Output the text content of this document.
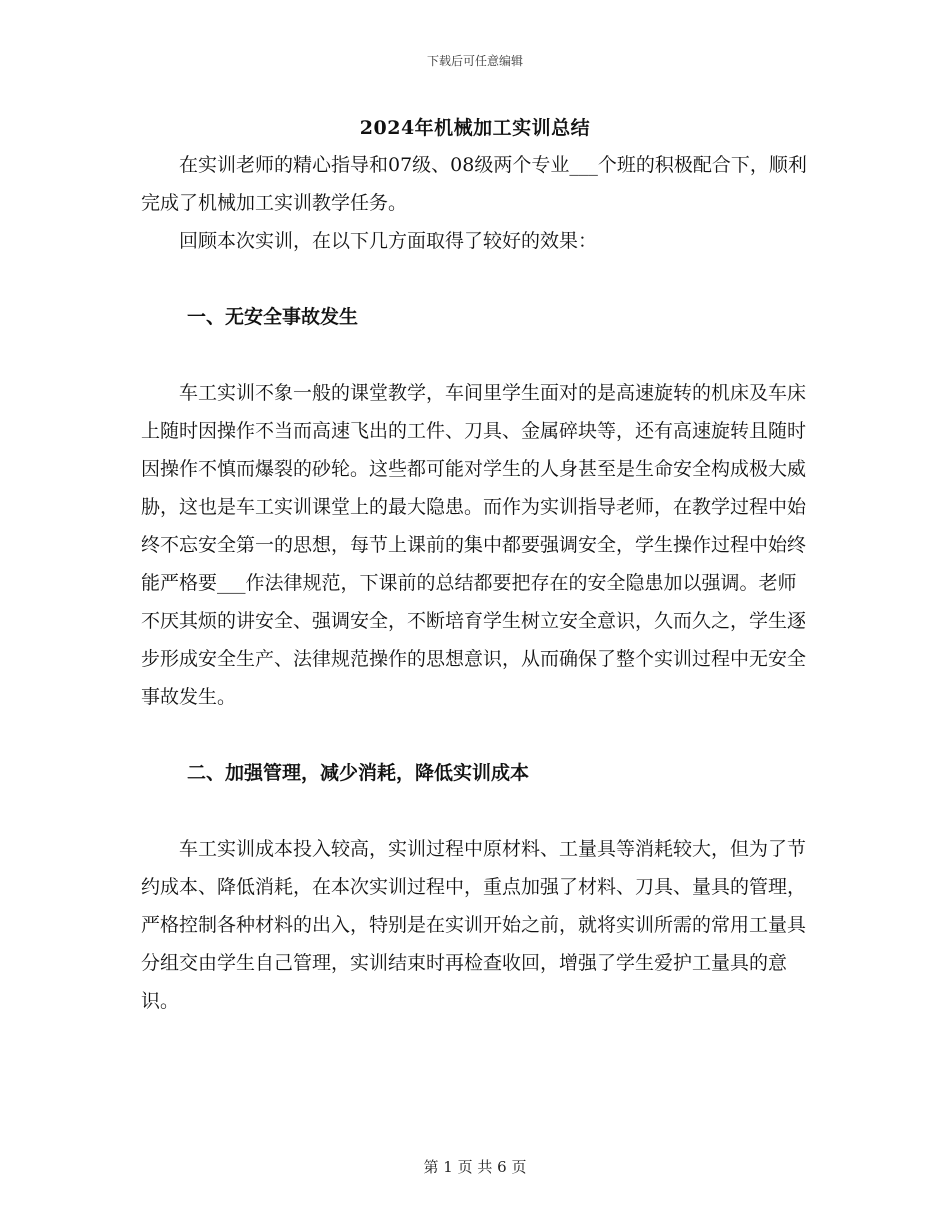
下载后可任意编辑
2024年机械加工实训总结

在实训老师的精心指导和07级、08级两个专业___个班的积极配合下，顺利完成了机械加工实训教学任务。

回顾本次实训，在以下几方面取得了较好的效果：

一、无安全事故发生

车工实训不象一般的课堂教学，车间里学生面对的是高速旋转的机床及车床上随时因操作不当而高速飞出的工件、刀具、金属碎块等，还有高速旋转且随时因操作不慎而爆裂的砂轮。这些都可能对学生的人身甚至是生命安全构成极大威胁，这也是车工实训课堂上的最大隐患。而作为实训指导老师，在教学过程中始终不忘安全第一的思想，每节上课前的集中都要强调安全，学生操作过程中始终能严格要___作法律规范，下课前的总结都要把存在的安全隐患加以强调。老师不厌其烦的讲安全、强调安全，不断培育学生树立安全意识，久而久之，学生逐步形成安全生产、法律规范操作的思想意识，从而确保了整个实训过程中无安全事故发生。

二、加强管理，减少消耗，降低实训成本

车工实训成本投入较高，实训过程中原材料、工量具等消耗较大，但为了节约成本、降低消耗，在本次实训过程中，重点加强了材料、刀具、量具的管理，严格控制各种材料的出入，特别是在实训开始之前，就将实训所需的常用工量具分组交由学生自己管理，实训结束时再检查收回，增强了学生爱护工量具的意识。

第 1 页 共 6 页
